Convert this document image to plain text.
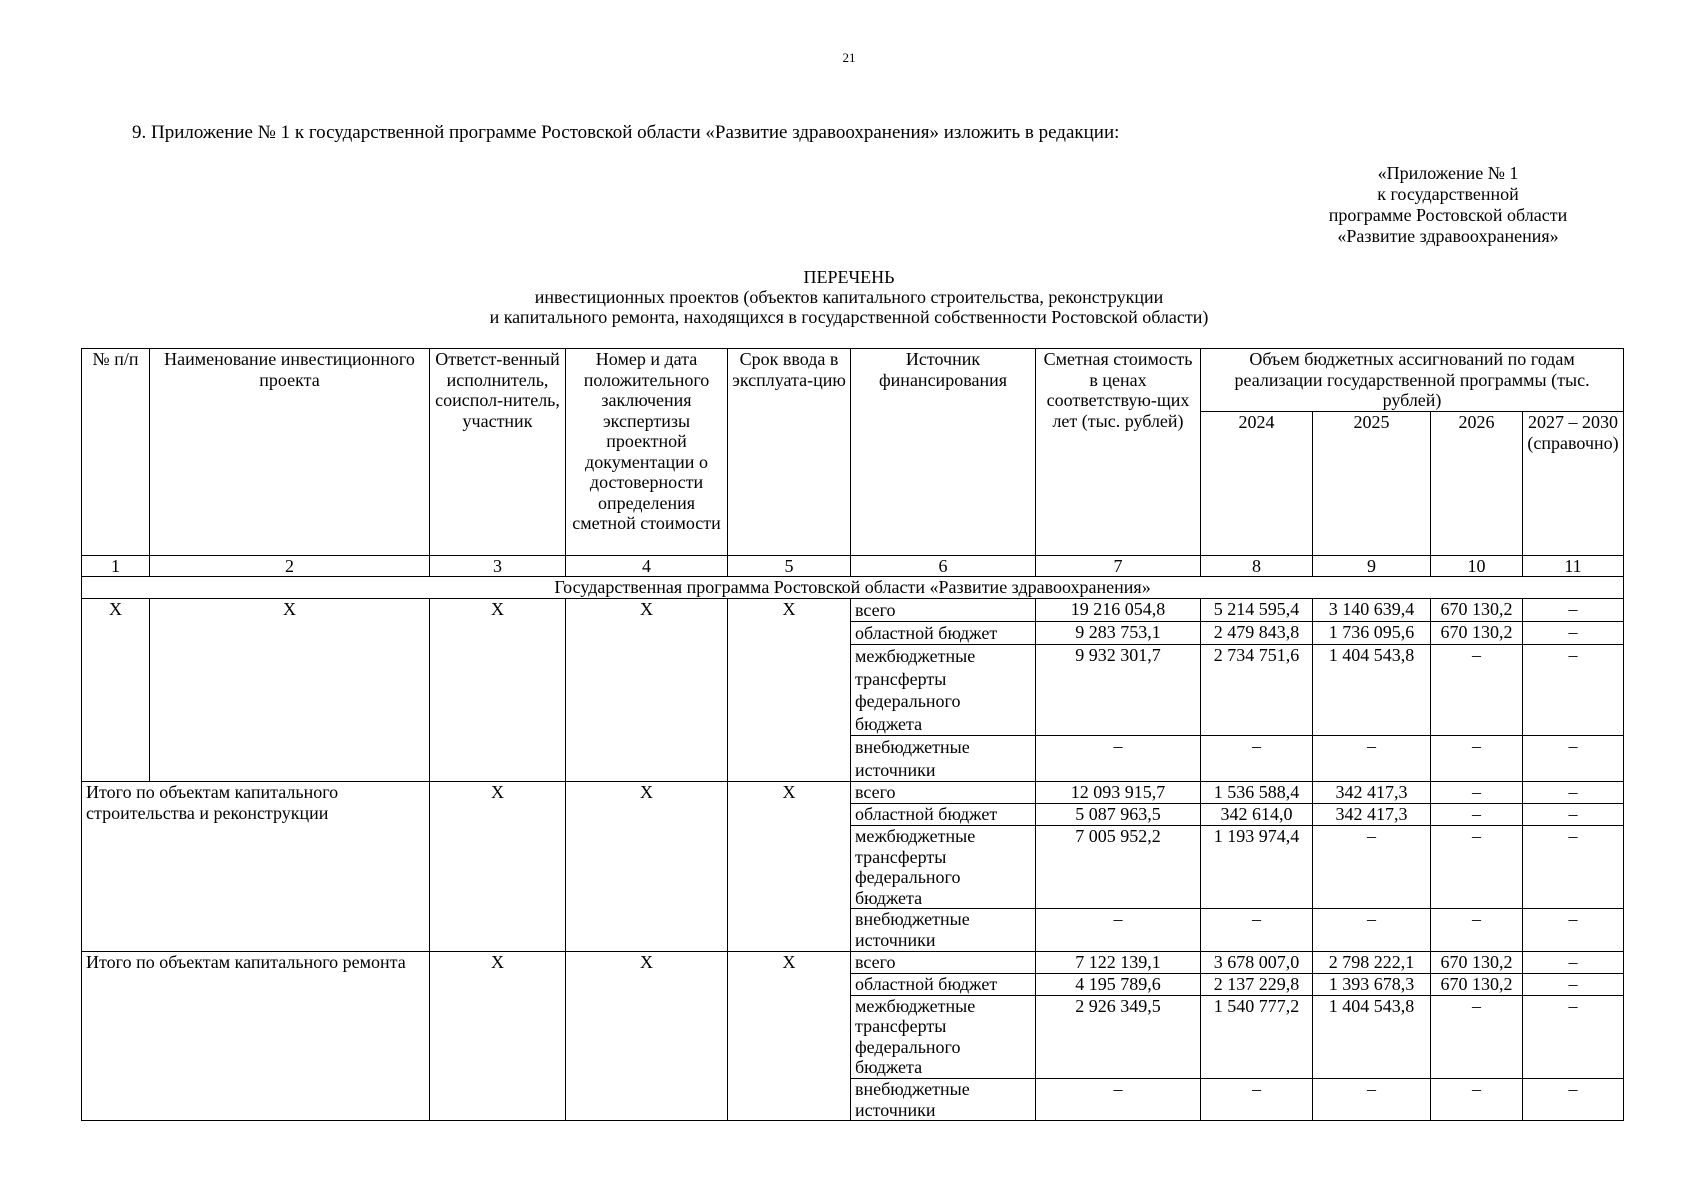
21
9. Приложение № 1 к государственной программе Ростовской области «Развитие здравоохранения» изложить в редакции:
«Приложение № 1
к государственной
программе Ростовской области
«Развитие здравоохранения»
ПЕРЕЧЕНЬ
инвестиционных проектов (объектов капитального строительства, реконструкции
и капитального ремонта, находящихся в государственной собственности Ростовской области)
№ п/п	Наименование инвестиционного проекта	Ответст-венный исполнитель, соиспол-нитель, участник	Номер и дата положительного заключения экспертизы проектной документации о достоверности определения сметной стоимости	Срок ввода в эксплуата-цию	Источник финансирования	Сметная стоимость в ценах соответствую-щих лет (тыс. рублей)	Объем бюджетных ассигнований по годам реализации государственной программы (тыс. рублей)			
							2024	2025	2026	2027 – 2030 (справочно)
1	2	3	4	5	6	7	8	9	10	11
Государственная программа Ростовской области «Развитие здравоохранения»										
X	X	X	X	X	всего	19 216 054,8	5 214 595,4	3 140 639,4	670 130,2	–
					областной бюджет	9 283 753,1	2 479 843,8	1 736 095,6	670 130,2	–
					межбюджетные трансферты федерального бюджета	9 932 301,7	2 734 751,6	1 404 543,8	–	–
					внебюджетные источники	–	–	–	–	–
Итого по объектам капитального строительства и реконструкции		X	X	X	всего	12 093 915,7	1 536 588,4	342 417,3	–	–
					областной бюджет	5 087 963,5	342 614,0	342 417,3	–	–
					межбюджетные трансферты федерального бюджета	7 005 952,2	1 193 974,4	–	–	–
					внебюджетные источники	–	–	–	–	–
Итого по объектам капитального ремонта		X	X	X	всего	7 122 139,1	3 678 007,0	2 798 222,1	670 130,2	–
					областной бюджет	4 195 789,6	2 137 229,8	1 393 678,3	670 130,2	–
					межбюджетные трансферты федерального бюджета	2 926 349,5	1 540 777,2	1 404 543,8	–	–
					внебюджетные источники	–	–	–	–	–
